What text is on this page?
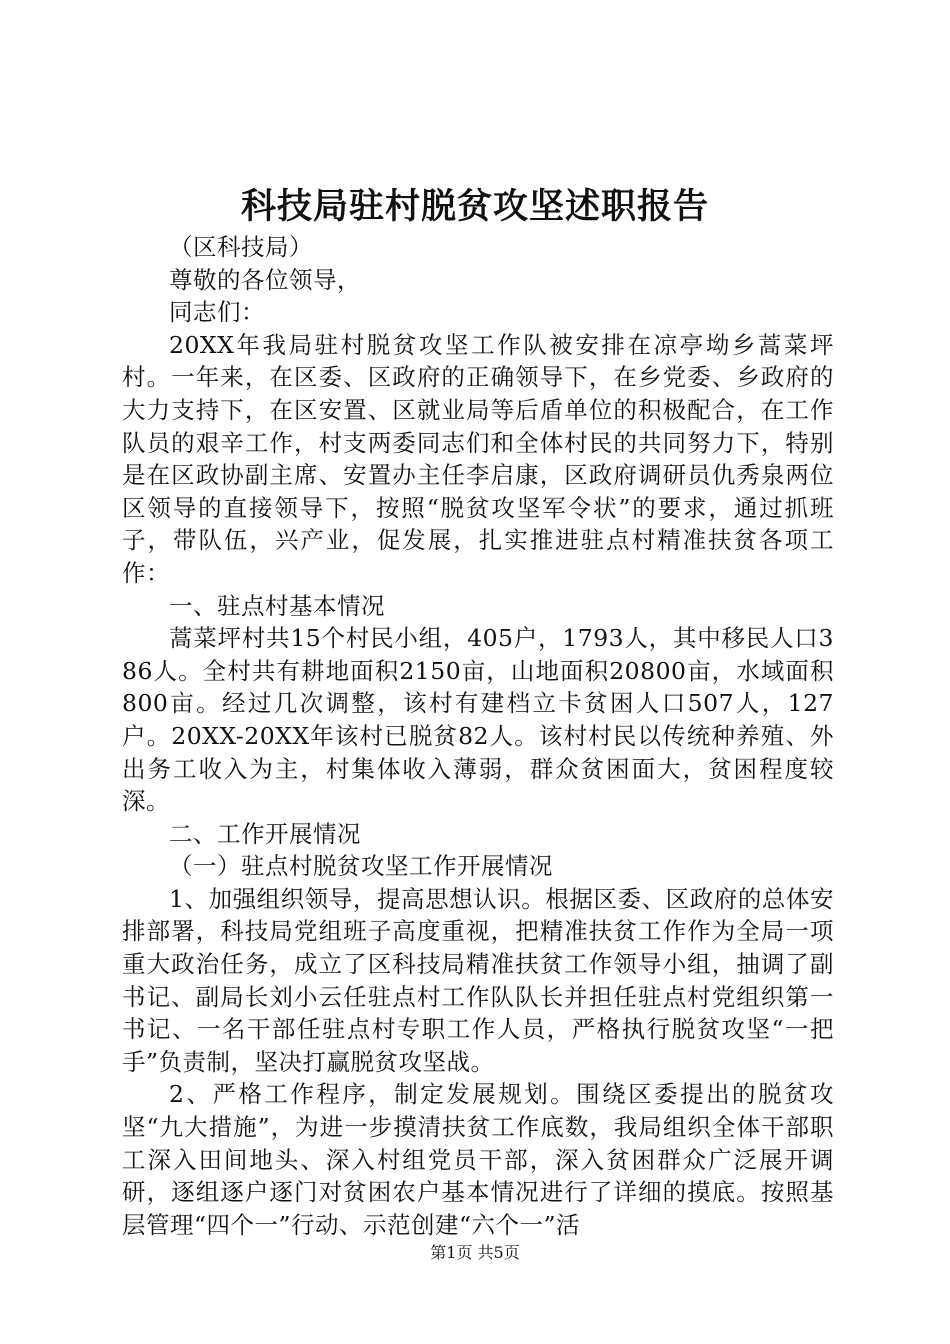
科技局驻村脱贫攻坚述职报告

（区科技局）

尊敬的各位领导，

同志们：

20XX年我局驻村脱贫攻坚工作队被安排在凉亭坳乡蒿菜坪村。一年来，在区委、区政府的正确领导下，在乡党委、乡政府的大力支持下，在区安置、区就业局等后盾单位的积极配合，在工作队员的艰辛工作，村支两委同志们和全体村民的共同努力下，特别是在区政协副主席、安置办主任李启康，区政府调研员仇秀泉两位区领导的直接领导下，按照“脱贫攻坚军令状”的要求，通过抓班子，带队伍，兴产业，促发展，扎实推进驻点村精准扶贫各项工作：

一、驻点村基本情况

蒿菜坪村共15个村民小组，405户，1793人，其中移民人口386人。全村共有耕地面积2150亩，山地面积20800亩，水域面积800亩。经过几次调整，该村有建档立卡贫困人口507人，127户。20XX-20XX年该村已脱贫82人。该村村民以传统种养殖、外出务工收入为主，村集体收入薄弱，群众贫困面大，贫困程度较深。

二、工作开展情况

（一）驻点村脱贫攻坚工作开展情况

1、加强组织领导，提高思想认识。根据区委、区政府的总体安排部署，科技局党组班子高度重视，把精准扶贫工作作为全局一项重大政治任务，成立了区科技局精准扶贫工作领导小组，抽调了副书记、副局长刘小云任驻点村工作队队长并担任驻点村党组织第一书记、一名干部任驻点村专职工作人员，严格执行脱贫攻坚“一把手”负责制，坚决打赢脱贫攻坚战。

2、严格工作程序，制定发展规划。围绕区委提出的脱贫攻坚“九大措施”，为进一步摸清扶贫工作底数，我局组织全体干部职工深入田间地头、深入村组党员干部，深入贫困群众广泛展开调研，逐组逐户逐门对贫困农户基本情况进行了详细的摸底。按照基层管理“四个一”行动、示范创建“六个一”活

第1页 共5页
